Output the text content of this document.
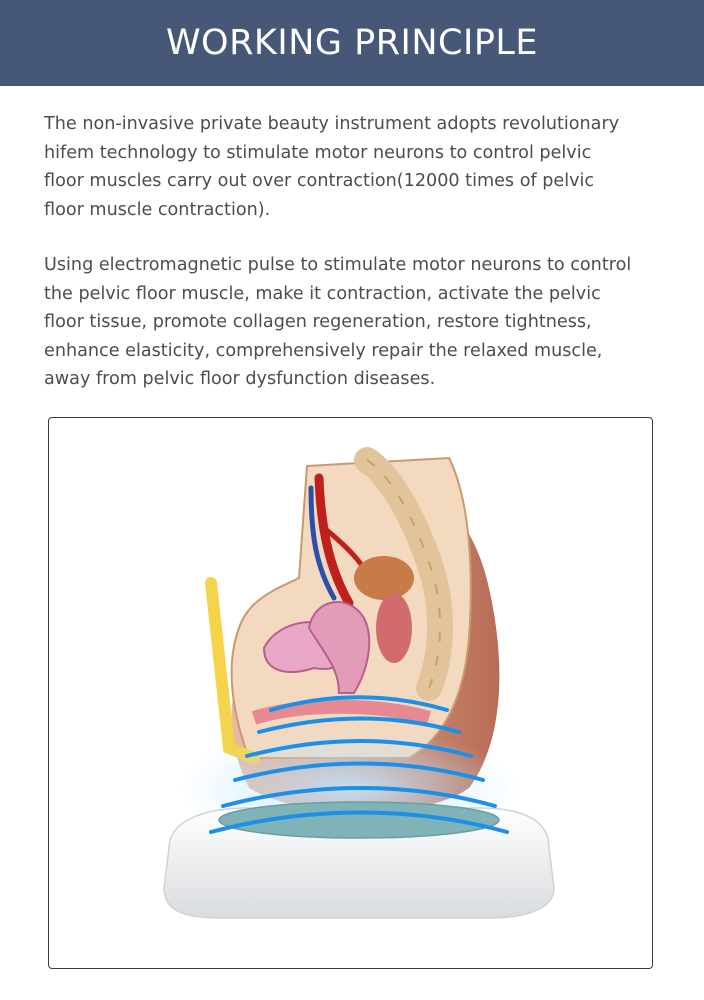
WORKING PRINCIPLE

The non-invasive private beauty instrument adopts revolutionary
hifem technology to stimulate motor neurons to control pelvic
floor muscles carry out over contraction(12000 times of pelvic
floor muscle contraction).

Using electromagnetic pulse to stimulate motor neurons to control
the pelvic floor muscle, make it contraction, activate the pelvic
floor tissue, promote collagen regeneration, restore tightness,
enhance elasticity, comprehensively repair the relaxed muscle,
away from pelvic floor dysfunction diseases.
